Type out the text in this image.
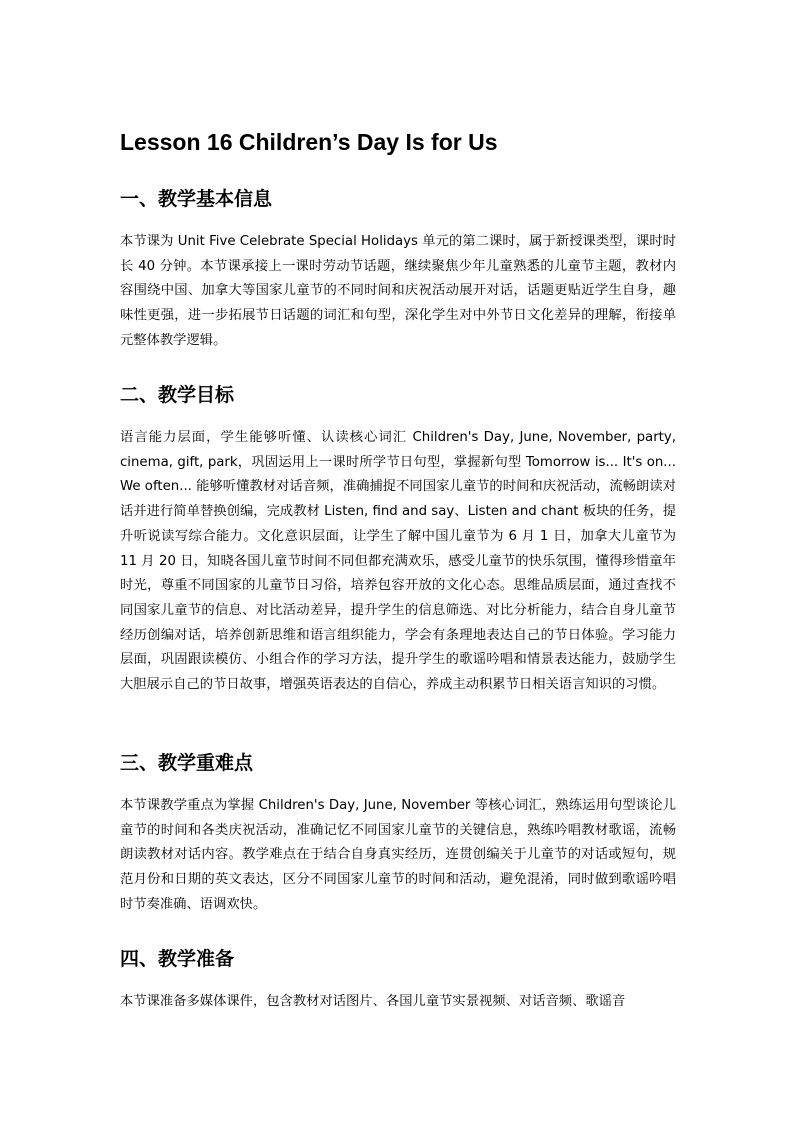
Lesson 16 Children’s Day Is for Us
一、教学基本信息

本节课为 Unit Five Celebrate Special Holidays 单元的第二课时，属于新授课类型，课时时长 40 分钟。本节课承接上一课时劳动节话题，继续聚焦少年儿童熟悉的儿童节主题，教材内容围绕中国、加拿大等国家儿童节的不同时间和庆祝活动展开对话，话题更贴近学生自身，趣味性更强，进一步拓展节日话题的词汇和句型，深化学生对中外节日文化差异的理解，衔接单元整体教学逻辑。

二、教学目标

语言能力层面，学生能够听懂、认读核心词汇 Children's Day, June, November, party, cinema, gift, park，巩固运用上一课时所学节日句型，掌握新句型 Tomorrow is... It's on... We often... 能够听懂教材对话音频，准确捕捉不同国家儿童节的时间和庆祝活动，流畅朗读对话并进行简单替换创编，完成教材 Listen, find and say、Listen and chant 板块的任务，提升听说读写综合能力。文化意识层面，让学生了解中国儿童节为 6 月 1 日，加拿大儿童节为 11 月 20 日，知晓各国儿童节时间不同但都充满欢乐，感受儿童节的快乐氛围，懂得珍惜童年时光，尊重不同国家的儿童节日习俗，培养包容开放的文化心态。思维品质层面，通过查找不同国家儿童节的信息、对比活动差异，提升学生的信息筛选、对比分析能力，结合自身儿童节经历创编对话，培养创新思维和语言组织能力，学会有条理地表达自己的节日体验。学习能力层面，巩固跟读模仿、小组合作的学习方法，提升学生的歌谣吟唱和情景表达能力，鼓励学生大胆展示自己的节日故事，增强英语表达的自信心，养成主动积累节日相关语言知识的习惯。

三、教学重难点

本节课教学重点为掌握 Children's Day, June, November 等核心词汇，熟练运用句型谈论儿童节的时间和各类庆祝活动，准确记忆不同国家儿童节的关键信息，熟练吟唱教材歌谣，流畅朗读教材对话内容。教学难点在于结合自身真实经历，连贯创编关于儿童节的对话或短句，规范月份和日期的英文表达，区分不同国家儿童节的时间和活动，避免混淆，同时做到歌谣吟唱时节奏准确、语调欢快。

四、教学准备

本节课准备多媒体课件，包含教材对话图片、各国儿童节实景视频、对话音频、歌谣音
